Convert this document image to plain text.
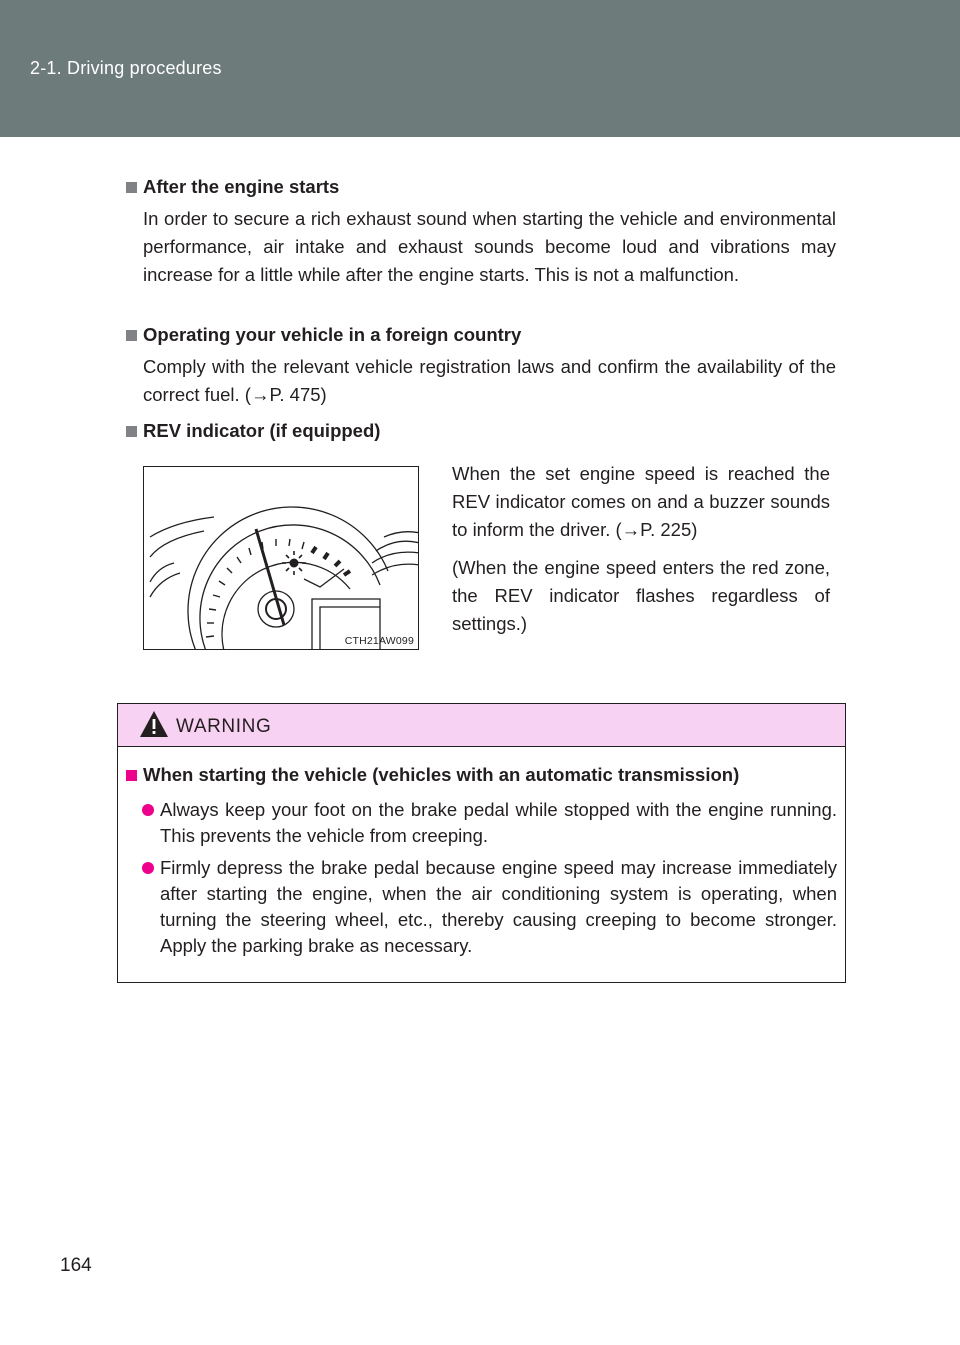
2-1. Driving procedures
After the engine starts

In order to secure a rich exhaust sound when starting the vehicle and environmental performance, air intake and exhaust sounds become loud and vibrations may increase for a little while after the engine starts. This is not a malfunction.

Operating your vehicle in a foreign country

Comply with the relevant vehicle registration laws and confirm the availability of the correct fuel. (→P. 475)

REV indicator (if equipped)
CTH21AW099

When the set engine speed is reached the REV indicator comes on and a buzzer sounds to inform the driver. (→P. 225)

(When the engine speed enters the red zone, the REV indicator flashes regardless of settings.)

WARNING
When starting the vehicle (vehicles with an automatic transmission)

Always keep your foot on the brake pedal while stopped with the engine running. This prevents the vehicle from creeping.

Firmly depress the brake pedal because engine speed may increase immediately after starting the engine, when the air conditioning system is operating, when turning the steering wheel, etc., thereby causing creeping to become stronger. Apply the parking brake as necessary.

164
